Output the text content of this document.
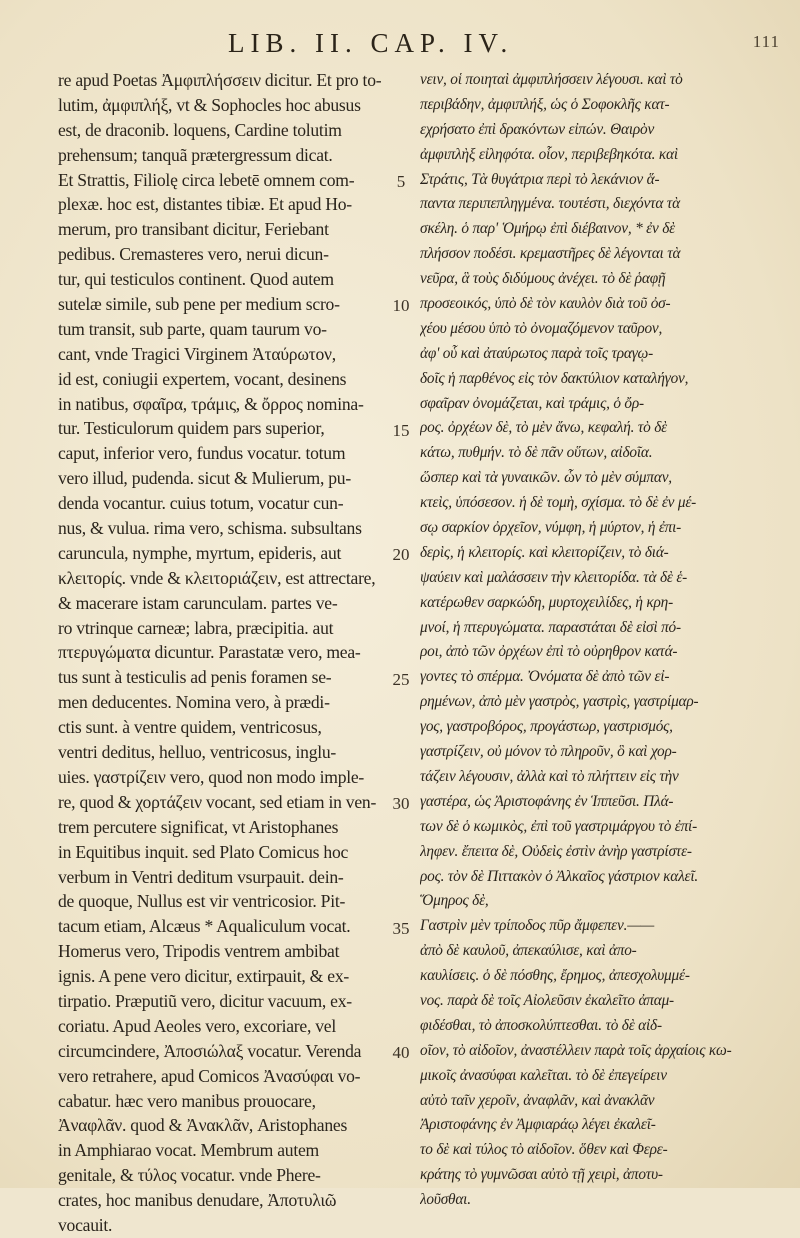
LIB. II. CAP. IV.	111
re apud Poetas Ἀμφιπλήσσειν dicitur. Et pro to-
lutim, ἀμφιπλήξ, vt & Sophocles hoc abusus
est, de draconib. loquens, Cardine tolutim
prehensum; tanquã prætergressum dicat.
Et Strattis, Filiolę circa lebetē omnem com-
plexæ. hoc est, distantes tibiæ. Et apud Ho-
merum, pro transibant dicitur, Feriebant
pedibus. Cremasteres vero, nerui dicun-
tur, qui testiculos continent. Quod autem
sutelæ simile, sub pene per medium scro-
tum transit, sub parte, quam taurum vo-
cant, vnde Tragici Virginem Ἀταύρωτον,
id est, coniugii expertem, vocant, desinens
in natibus, σφαῖρα, τράμις, & ὄρρος nomina-
tur. Testiculorum quidem pars superior,
caput, inferior vero, fundus vocatur. totum
vero illud, pudenda. sicut & Mulierum, pu-
denda vocantur. cuius totum, vocatur cun-
nus, & vulua. rima vero, schisma. subsultans
caruncula, nymphe, myrtum, epideris, aut
κλειτορίς. vnde & κλειτοριάζειν, est attrectare,
& macerare istam carunculam. partes ve-
ro vtrinque carneæ; labra, præcipitia. aut
πτερυγώματα dicuntur. Parastatæ vero, mea-
tus sunt à testiculis ad penis foramen se-
men deducentes. Nomina vero, à prædi-
ctis sunt. à ventre quidem, ventricosus,
ventri deditus, helluo, ventricosus, inglu-
uies. γαστρίζειν vero, quod non modo imple-
re, quod & χορτάζειν vocant, sed etiam in ven-
trem percutere significat, vt Aristophanes
in Equitibus inquit. sed Plato Comicus hoc
verbum in Ventri deditum vsurpauit. dein-
de quoque, Nullus est vir ventricosior. Pit-
tacum etiam, Alcæus * Aqualiculum vocat.
Homerus vero, Tripodis ventrem ambibat
ignis. A pene vero dicitur, extirpauit, & ex-
tirpatio. Præputiũ vero, dicitur vacuum, ex-
coriatu. Apud Aeoles vero, excoriare, vel
circumcindere, Ἀποσιώλαξ vocatur. Verenda
vero retrahere, apud Comicos Ἀνασύφαι vo-
cabatur. hæc vero manibus prouocare,
Ἀναφλᾶν. quod & Ἀνακλᾶν, Aristophanes
in Amphiarao vocat. Membrum autem
genitale, & τύλος vocatur. vnde Phere-
crates, hoc manibus denudare, Ἀποτυλιῶ
vocauit.
5
10
15
20
25
30
35
40
νειν, οἱ ποιηταὶ ἀμφιπλήσσειν λέγουσι. καὶ τὸ
περιβάδην, ἀμφιπλήξ, ὡς ὁ Σοφοκλῆς κατ-
εχρήσατο ἐπὶ δρακόντων εἰπών. Θαιρὸν
ἀμφιπλὴξ εἰληφότα. οἷον, περιβεβηκότα. καὶ
Στράτις, Τὰ θυγάτρια περὶ τὸ λεκάνιον ἅ-
παντα περιπεπληγμένα. τουτέστι, διεχόντα τὰ
σκέλη. ὁ παρ' Ὁμήρῳ ἐπὶ διέβαινον, * ἐν δὲ
πλήσσον ποδέσι. κρεμαστῆρες δὲ λέγονται τὰ
νεῦρα, ἃ τοὺς διδύμους ἀνέχει. τὸ δὲ ῥαφῇ
προσεοικός, ὑπὸ δὲ τὸν καυλὸν διὰ τοῦ ὀσ-
χέου μέσου ὑπὸ τὸ ὀνομαζόμενον ταῦρον,
ἀφ' οὗ καὶ ἀταύρωτος παρὰ τοῖς τραγῳ-
δοῖς ἡ παρθένος εἰς τὸν δακτύλιον καταλήγον,
σφαῖραν ὀνομάζεται, καὶ τράμις, ὁ ὄρ-
ρος. ὀρχέων δὲ, τὸ μὲν ἄνω, κεφαλή. τὸ δὲ
κάτω, πυθμήν. τὸ δὲ πᾶν οὕτων, αἰδοῖα.
ὥσπερ καὶ τὰ γυναικῶν. ὧν τὸ μὲν σύμπαν,
κτεὶς, ὑπόσεσον. ἡ δὲ τομὴ, σχίσμα. τὸ δὲ ἐν μέ-
σῳ σαρκίον ὀρχεῖον, νύμφη, ἡ μύρτον, ἡ ἐπι-
δερὶς, ἡ κλειτορίς. καὶ κλειτορίζειν, τὸ διά-
ψαύειν καὶ μαλάσσειν τὴν κλειτορίδα. τὰ δὲ ἑ-
κατέρωθεν σαρκώδη, μυρτοχειλίδες, ἡ κρη-
μνοί, ἡ πτερυγώματα. παραστάται δὲ εἰσὶ πό-
ροι, ἀπὸ τῶν ὀρχέων ἐπὶ τὸ οὐρηθρον κατά-
γοντες τὸ σπέρμα. Ὀνόματα δὲ ἀπὸ τῶν εἰ-
ρημένων, ἀπὸ μὲν γαστρὸς, γαστρὶς, γαστρίμαρ-
γος, γαστροβόρος, προγάστωρ, γαστρισμός,
γαστρίζειν, οὐ μόνον τὸ πληροῦν, ὃ καὶ χορ-
τάζειν λέγουσιν, ἀλλὰ καὶ τὸ πλήττειν εἰς τὴν
γαστέρα, ὡς Ἀριστοφάνης ἐν Ἱππεῦσι. Πλά-
των δὲ ὁ κωμικὸς, ἐπὶ τοῦ γαστριμάργου τὸ ἐπί-
ληφεν. ἔπειτα δὲ, Οὐδεὶς ἐστὶν ἀνὴρ γαστρίστε-
ρος. τὸν δὲ Πιττακὸν ὁ Ἀλκαῖος γάστριον καλεῖ.
Ὅμηρος δὲ,
Γαστρὶν μὲν τρίποδος πῦρ ἄμφεπεν.——
ἀπὸ δὲ καυλοῦ, ἀπεκαύλισε, καὶ ἀπο-
καυλίσεις. ὁ δὲ πόσθης, ἔρημος, ἀπεσχολυμμέ-
νος. παρὰ δὲ τοῖς Αἰολεῦσιν ἐκαλεῖτο ἀπαμ-
φιδέσθαι, τὸ ἀποσκολύπτεσθαι. τὸ δὲ αἰδ-
οῖον, τὸ αἰδοῖον, ἀναστέλλειν παρὰ τοῖς ἀρχαίοις κω-
μικοῖς ἀνασύφαι καλεῖται. τὸ δὲ ἐπεγείρειν
αὐτὸ ταῖν χεροῖν, ἀναφλᾶν, καὶ ἀνακλᾶν
Ἀριστοφάνης ἐν Ἀμφιαράῳ λέγει ἐκαλεῖ-
το δὲ καὶ τύλος τὸ αἰδοῖον. ὅθεν καὶ Φερε-
κράτης τὸ γυμνῶσαι αὐτὸ τῇ χειρὶ, ἀποτυ-
λοῦσθαι.
